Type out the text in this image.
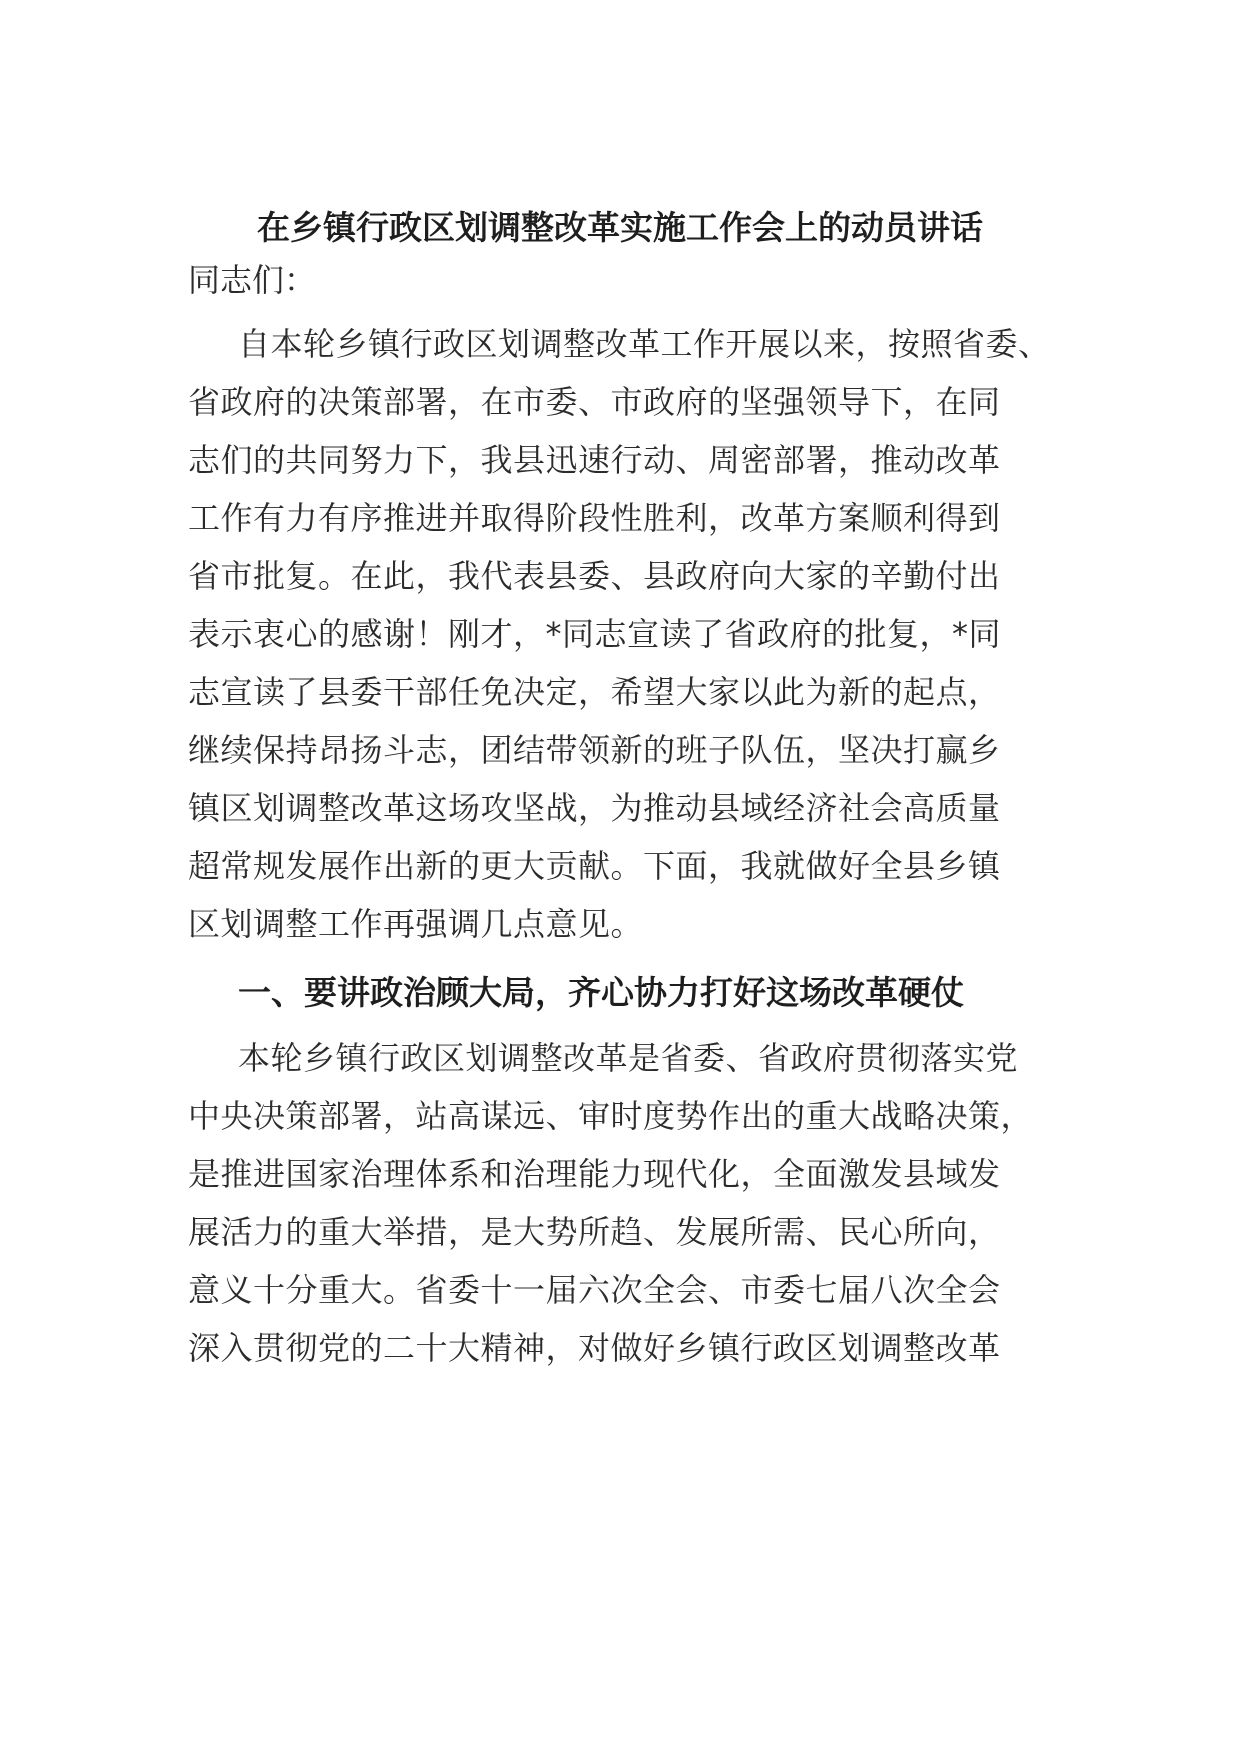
在乡镇行政区划调整改革实施工作会上的动员讲话
同志们：
自本轮乡镇行政区划调整改革工作开展以来，按照省委、
省政府的决策部署，在市委、市政府的坚强领导下，在同
志们的共同努力下，我县迅速行动、周密部署，推动改革
工作有力有序推进并取得阶段性胜利，改革方案顺利得到
省市批复。在此，我代表县委、县政府向大家的辛勤付出
表示衷心的感谢！刚才，*同志宣读了省政府的批复，*同
志宣读了县委干部任免决定，希望大家以此为新的起点，
继续保持昂扬斗志，团结带领新的班子队伍，坚决打赢乡
镇区划调整改革这场攻坚战，为推动县域经济社会高质量
超常规发展作出新的更大贡献。下面，我就做好全县乡镇
区划调整工作再强调几点意见。
一、要讲政治顾大局，齐心协力打好这场改革硬仗
本轮乡镇行政区划调整改革是省委、省政府贯彻落实党
中央决策部署，站高谋远、审时度势作出的重大战略决策，
是推进国家治理体系和治理能力现代化，全面激发县域发
展活力的重大举措，是大势所趋、发展所需、民心所向，
意义十分重大。省委十一届六次全会、市委七届八次全会
深入贯彻党的二十大精神，对做好乡镇行政区划调整改革
